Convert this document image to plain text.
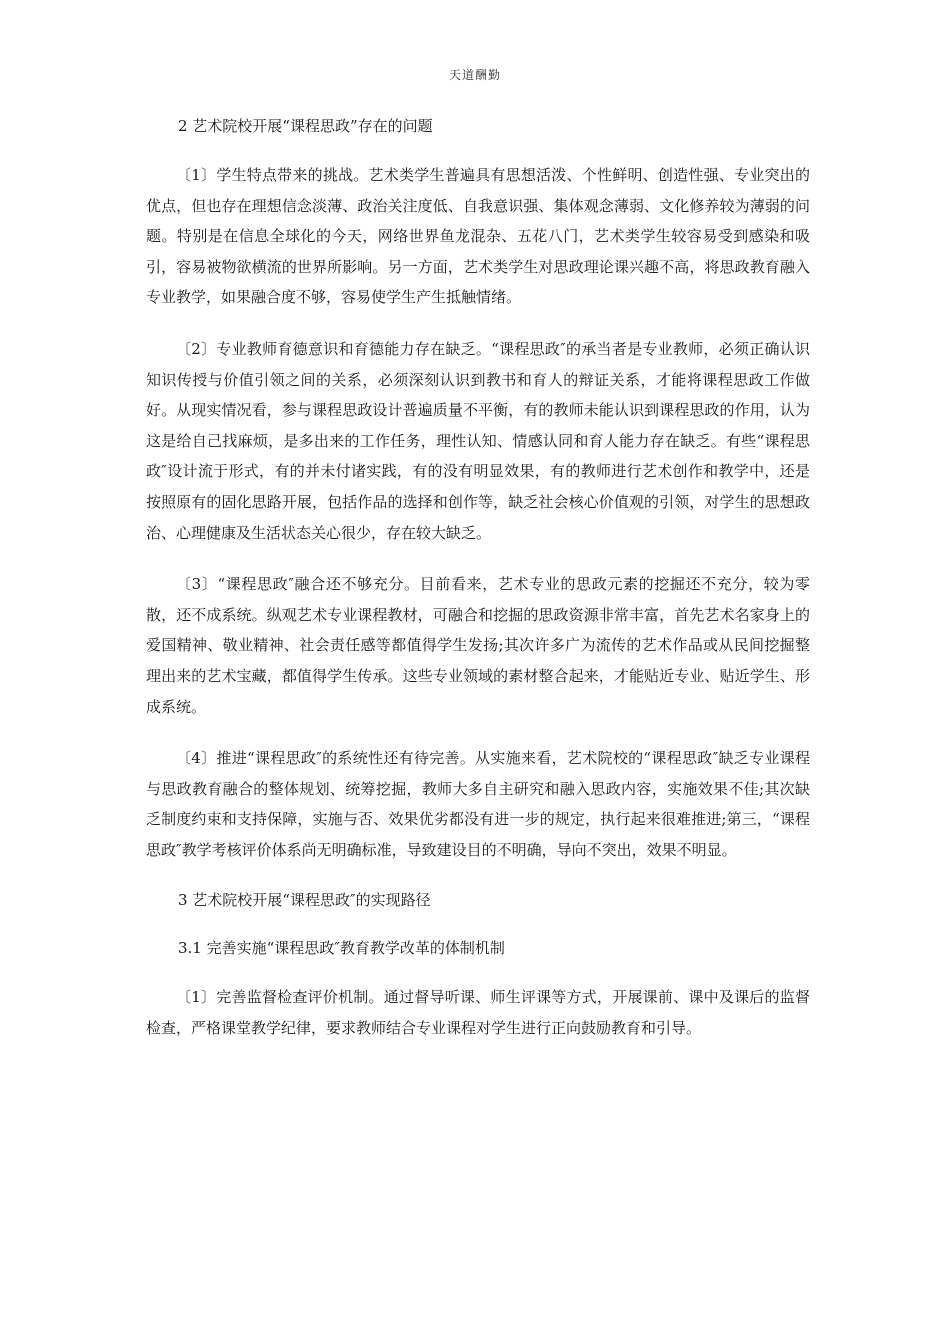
天道酬勤

2 艺术院校开展“课程思政”存在的问题

〔1〕学生特点带来的挑战。艺术类学生普遍具有思想活泼、个性鲜明、创造性强、专业突出的优点，但也存在理想信念淡薄、政治关注度低、自我意识强、集体观念薄弱、文化修养较为薄弱的问题。特别是在信息全球化的今天，网络世界鱼龙混杂、五花八门，艺术类学生较容易受到感染和吸引，容易被物欲横流的世界所影响。另一方面，艺术类学生对思政理论课兴趣不高，将思政教育融入专业教学，如果融合度不够，容易使学生产生抵触情绪。

〔2〕专业教师育德意识和育德能力存在缺乏。“课程思政″的承当者是专业教师，必须正确认识知识传授与价值引领之间的关系，必须深刻认识到教书和育人的辩证关系，才能将课程思政工作做好。从现实情况看，参与课程思政设计普遍质量不平衡，有的教师未能认识到课程思政的作用，认为这是给自己找麻烦，是多出来的工作任务，理性认知、情感认同和育人能力存在缺乏。有些“课程思政″设计流于形式，有的并未付诸实践，有的没有明显效果，有的教师进行艺术创作和教学中，还是按照原有的固化思路开展，包括作品的选择和创作等，缺乏社会核心价值观的引领，对学生的思想政治、心理健康及生活状态关心很少，存在较大缺乏。

〔3〕“课程思政″融合还不够充分。目前看来，艺术专业的思政元素的挖掘还不充分，较为零散，还不成系统。纵观艺术专业课程教材，可融合和挖掘的思政资源非常丰富，首先艺术名家身上的爱国精神、敬业精神、社会责任感等都值得学生发扬;其次许多广为流传的艺术作品或从民间挖掘整理出来的艺术宝藏，都值得学生传承。这些专业领域的素材整合起来，才能贴近专业、贴近学生、形成系统。

〔4〕推进“课程思政″的系统性还有待完善。从实施来看，艺术院校的“课程思政″缺乏专业课程与思政教育融合的整体规划、统筹挖掘，教师大多自主研究和融入思政内容，实施效果不佳;其次缺乏制度约束和支持保障，实施与否、效果优劣都没有进一步的规定，执行起来很难推进;第三，“课程思政″教学考核评价体系尚无明确标准，导致建设目的不明确，导向不突出，效果不明显。

3 艺术院校开展“课程思政″的实现路径

3.1 完善实施“课程思政″教育教学改革的体制机制

〔1〕完善监督检查评价机制。通过督导听课、师生评课等方式，开展课前、课中及课后的监督检查，严格课堂教学纪律，要求教师结合专业课程对学生进行正向鼓励教育和引导。
